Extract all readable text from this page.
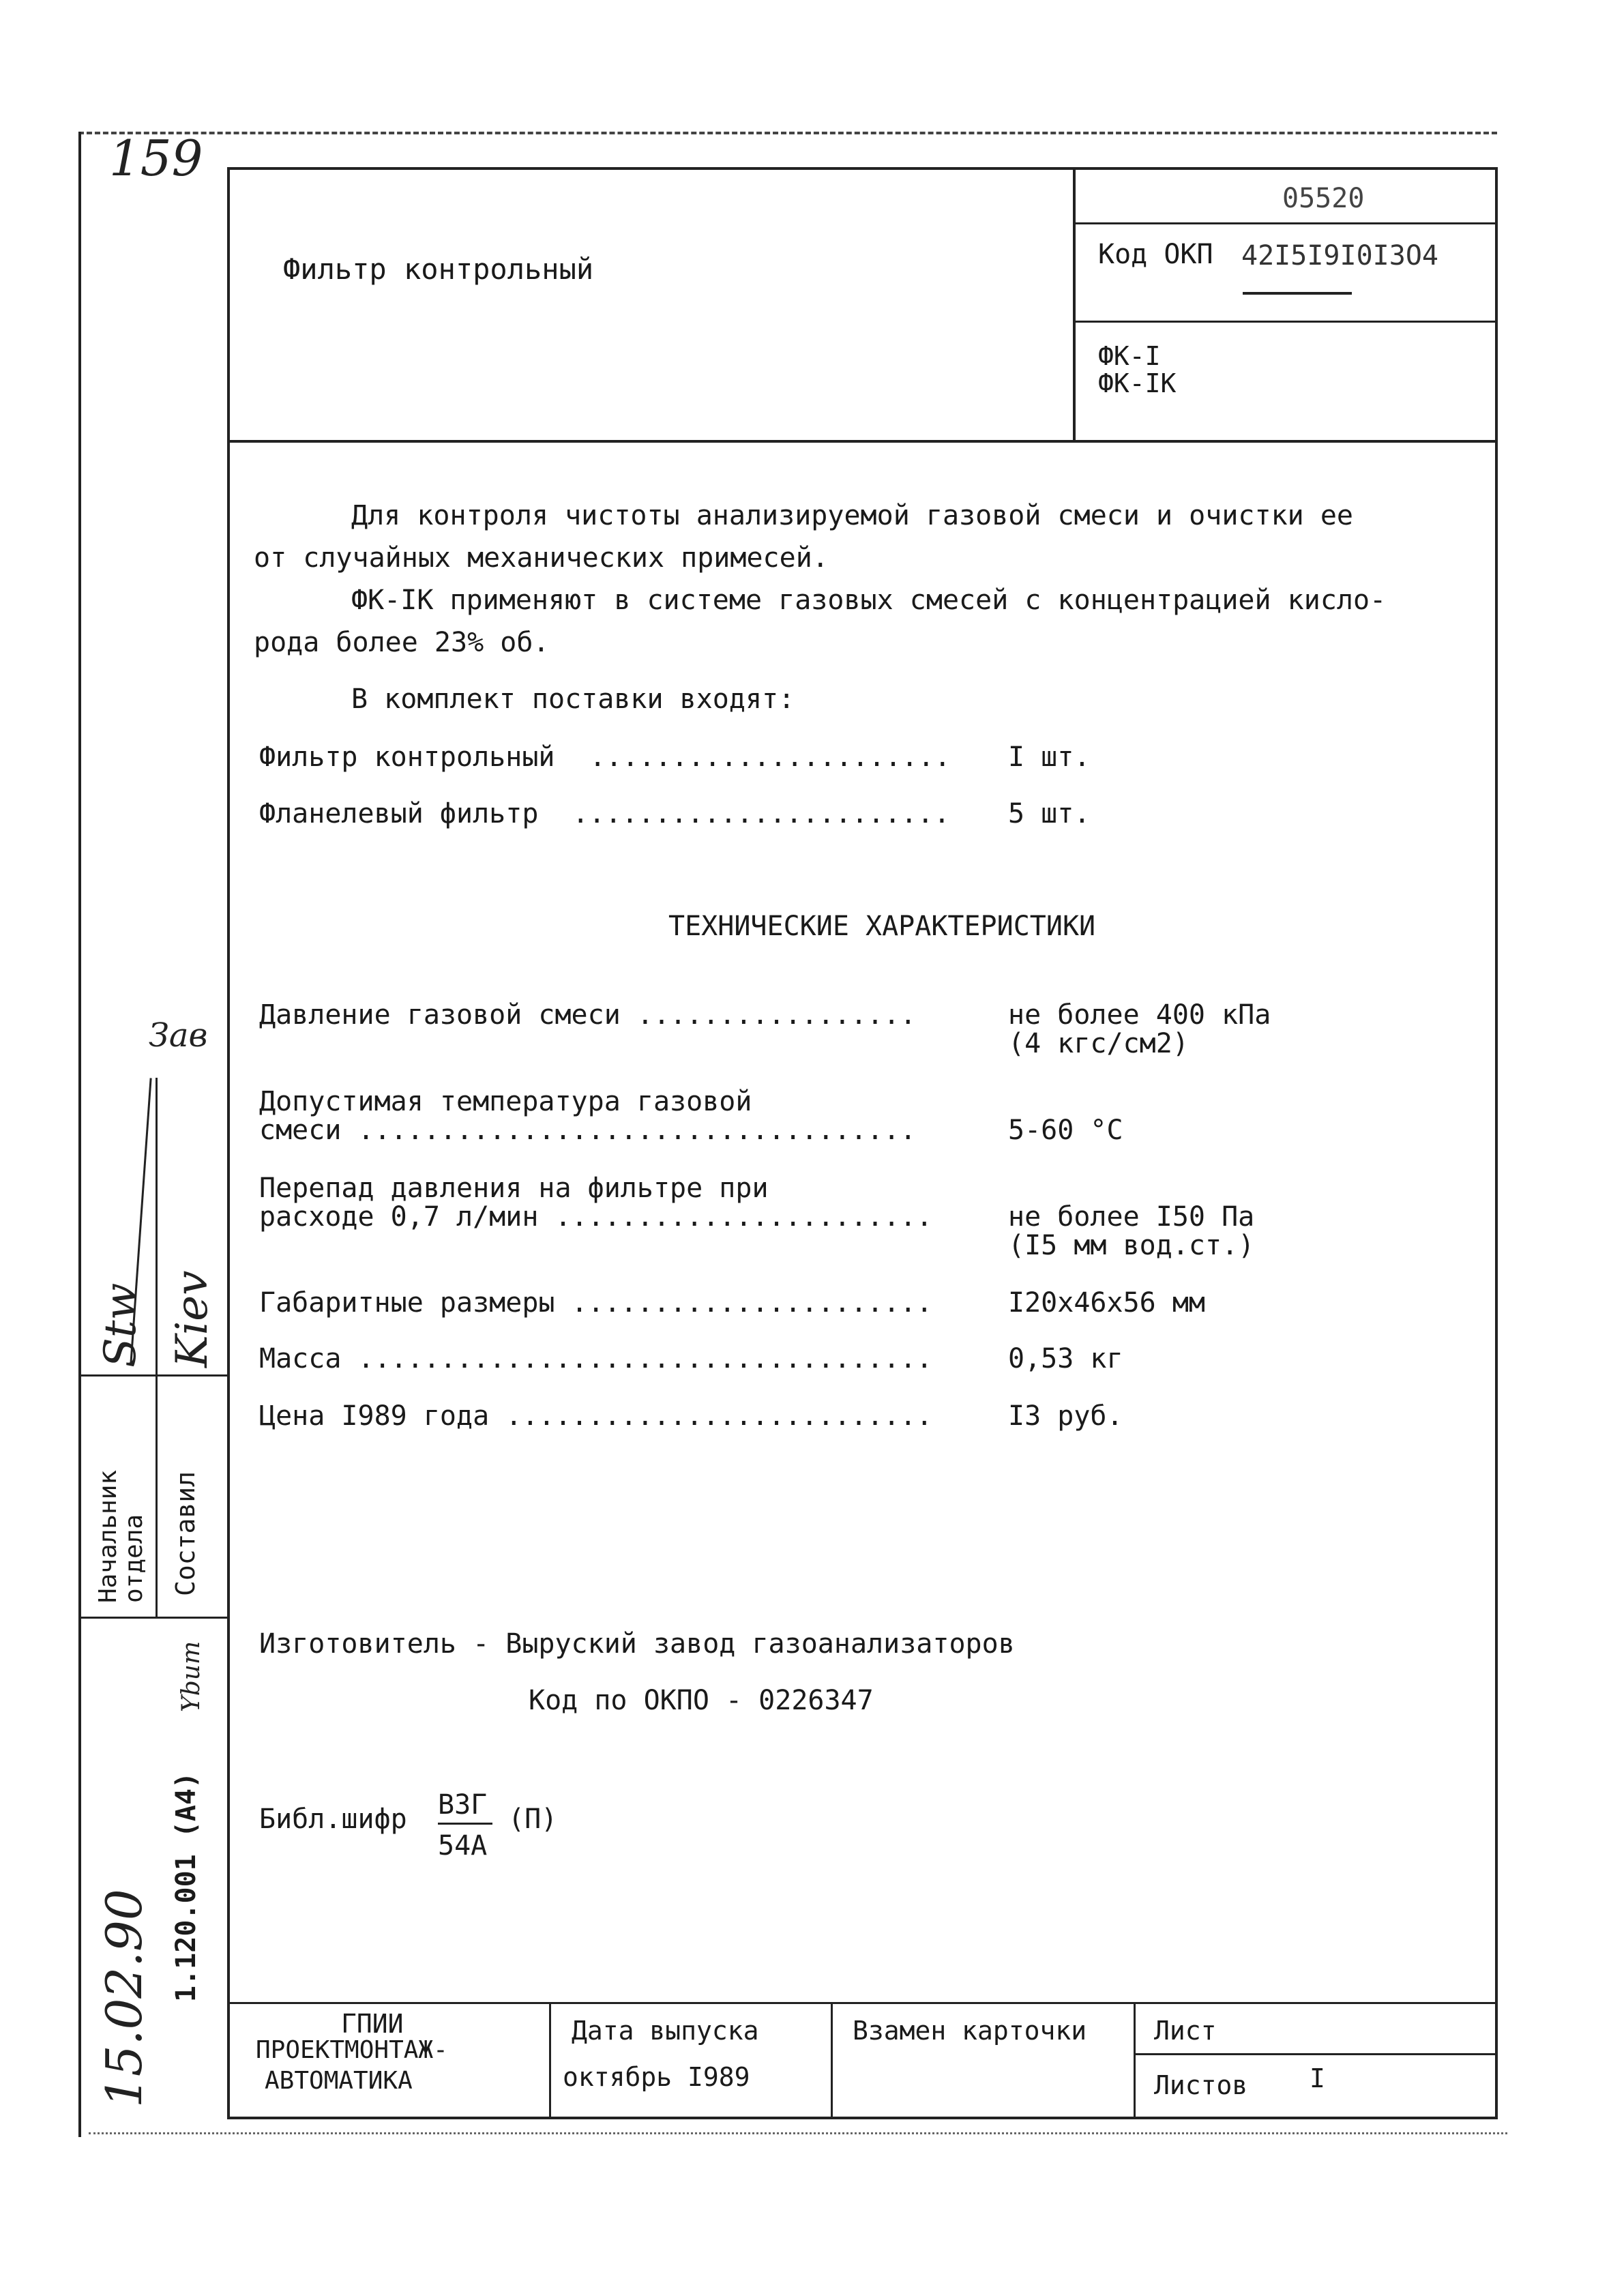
159
05520
Код ОКП 42I5I9I0I3O4
Фильтр контрольный
ФК-I
ФК-IК
Для контроля чистоты анализируемой газовой смеси и очистки ее
от случайных механических примесей.
ФК-IК применяют в системе газовых смесей с концентрацией кисло-
рода более 23% об.
В комплект поставки входят:
Фильтр контрольный ...................... I шт.
Фланелевый фильтр ....................... 5 шт.
ТЕХНИЧЕСКИЕ ХАРАКТЕРИСТИКИ
Давление газовой смеси .................	не более 400 кПа
(4 кгс/см2)
Допустимая температура газовой
смеси ..................................	5-60 °С
Перепад давления на фильтре при
расходе 0,7 л/мин .......................	не более I50 Па
(I5 мм вод.ст.)
Габаритные размеры ......................	I20x46x56 мм
Масса ...................................	0,53 кг
Цена I989 года ..........................	I3 руб.
Изготовитель - Выруский завод газоанализаторов
Код по ОКПО - 0226347
Библ.шифр ВЗГ
54А
(П)
ГПИИ
ПРОЕКТМОНТАЖ-
АВТОМАТИКА
Дата выпуска
октябрь I989
Взамен карточки	Лист
Листов I
Начальник отдела Составил
Stw Kiev
Зав
1.120.001 (А4)
15.02.90
Ybum
